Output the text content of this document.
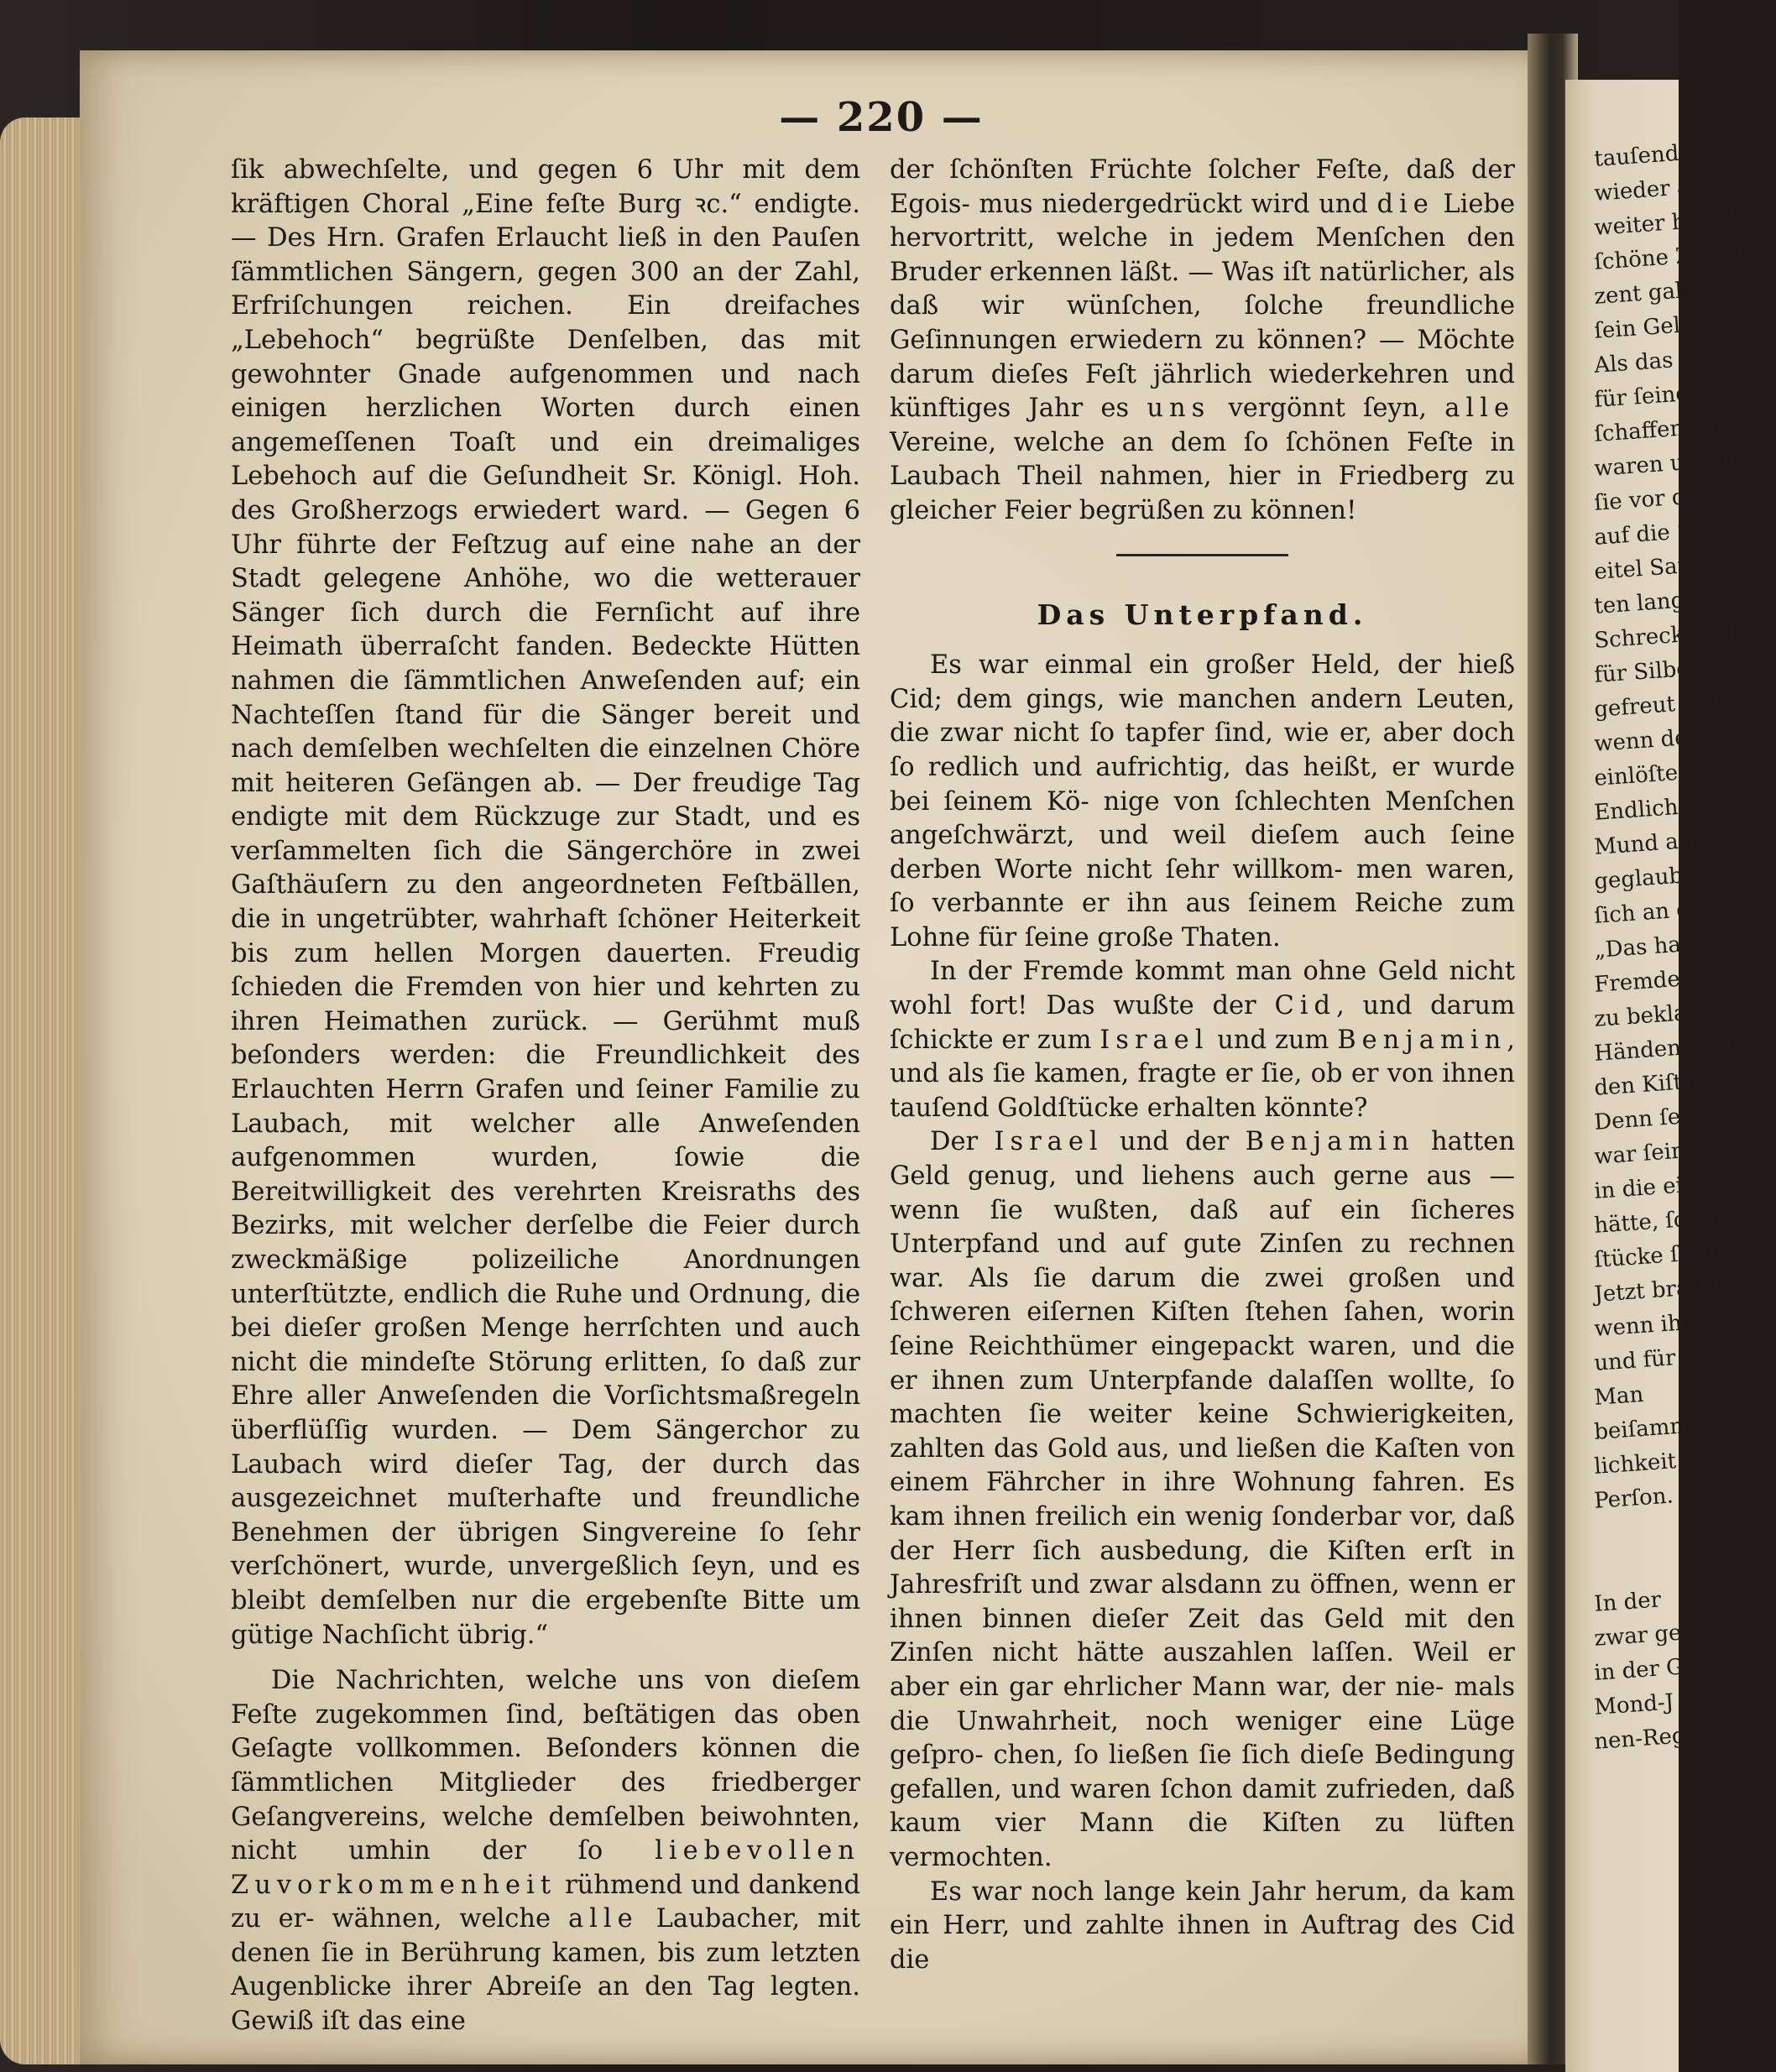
— 220 —

ſik abwechſelte, und gegen 6 Uhr mit dem kräftigen Choral „Eine feſte Burg ꝛc.“ endigte. — Des Hrn. Grafen Erlaucht ließ in den Pauſen ſämmtlichen Sängern, gegen 300 an der Zahl, Erfriſchungen reichen. Ein dreifaches „Lebehoch“ begrüßte Denſelben, das mit gewohnter Gnade aufgenommen und nach einigen herzlichen Worten durch einen angemeſſenen Toaſt und ein dreimaliges Lebehoch auf die Geſundheit Sr. Königl. Hoh. des Großherzogs erwiedert ward. — Gegen 6 Uhr führte der Feſtzug auf eine nahe an der Stadt gelegene Anhöhe, wo die wetterauer Sänger ſich durch die Fernſicht auf ihre Heimath überraſcht fanden. Bedeckte Hütten nahmen die ſämmtlichen Anweſenden auf; ein Nachteſſen ſtand für die Sänger bereit und nach demſelben wechſelten die einzelnen Chöre mit heiteren Geſängen ab. — Der freudige Tag endigte mit dem Rückzuge zur Stadt, und es verſammelten ſich die Sängerchöre in zwei Gaſthäuſern zu den angeordneten Feſtbällen, die in ungetrübter, wahrhaft ſchöner Heiterkeit bis zum hellen Morgen dauerten. Freudig ſchieden die Fremden von hier und kehrten zu ihren Heimathen zurück. — Gerühmt muß beſonders werden: die Freundlichkeit des Erlauchten Herrn Grafen und ſeiner Familie zu Laubach, mit welcher alle Anweſenden aufgenommen wurden, ſowie die Bereitwilligkeit des verehrten Kreisraths des Bezirks, mit welcher derſelbe die Feier durch zweckmäßige polizeiliche Anordnungen unterſtützte, endlich die Ruhe und Ordnung, die bei dieſer großen Menge herrſchten und auch nicht die mindeſte Störung erlitten, ſo daß zur Ehre aller Anweſenden die Vorſichtsmaßregeln überflüſſig wurden. — Dem Sängerchor zu Laubach wird dieſer Tag, der durch das ausgezeichnet muſterhafte und freundliche Benehmen der übrigen Singvereine ſo ſehr verſchönert, wurde, unvergeßlich ſeyn, und es bleibt demſelben nur die ergebenſte Bitte um gütige Nachſicht übrig.“

Die Nachrichten, welche uns von dieſem Feſte zugekommen ſind, beſtätigen das oben Geſagte vollkommen. Beſonders können die ſämmtlichen Mitglieder des friedberger Geſangvereins, welche demſelben beiwohnten, nicht umhin der ſo liebevollen Zuvorkommenheit rühmend und dankend zu er- wähnen, welche alle Laubacher, mit denen ſie in Berührung kamen, bis zum letzten Augenblicke ihrer Abreiſe an den Tag legten. Gewiß iſt das eine

der ſchönſten Früchte ſolcher Feſte, daß der Egois- mus niedergedrückt wird und die Liebe hervortritt, welche in jedem Menſchen den Bruder erkennen läßt. — Was iſt natürlicher, als daß wir wünſchen, ſolche freundliche Geſinnungen erwiedern zu können? — Möchte darum dieſes Feſt jährlich wiederkehren und künftiges Jahr es uns vergönnt ſeyn, alle Vereine, welche an dem ſo ſchönen Feſte in Laubach Theil nahmen, hier in Friedberg zu gleicher Feier begrüßen zu können!

Das Unterpfand.

Es war einmal ein großer Held, der hieß Cid; dem gings, wie manchen andern Leuten, die zwar nicht ſo tapfer ſind, wie er, aber doch ſo redlich und aufrichtig, das heißt, er wurde bei ſeinem Kö- nige von ſchlechten Menſchen angeſchwärzt, und weil dieſem auch ſeine derben Worte nicht ſehr willkom- men waren, ſo verbannte er ihn aus ſeinem Reiche zum Lohne für ſeine große Thaten.

In der Fremde kommt man ohne Geld nicht wohl fort! Das wußte der Cid, und darum ſchickte er zum Israel und zum Benjamin, und als ſie kamen, fragte er ſie, ob er von ihnen tauſend Goldſtücke erhalten könnte?

Der Israel und der Benjamin hatten Geld genug, und liehens auch gerne aus — wenn ſie wußten, daß auf ein ſicheres Unterpfand und auf gute Zinſen zu rechnen war. Als ſie darum die zwei großen und ſchweren eiſernen Kiſten ſtehen ſahen, worin ſeine Reichthümer eingepackt waren, und die er ihnen zum Unterpfande dalaſſen wollte, ſo machten ſie weiter keine Schwierigkeiten, zahlten das Gold aus, und ließen die Kaſten von einem Fährcher in ihre Wohnung fahren. Es kam ihnen freilich ein wenig ſonderbar vor, daß der Herr ſich ausbedung, die Kiſten erſt in Jahresfriſt und zwar alsdann zu öffnen, wenn er ihnen binnen dieſer Zeit das Geld mit den Zinſen nicht hätte auszahlen laſſen. Weil er aber ein gar ehrlicher Mann war, der nie- mals die Unwahrheit, noch weniger eine Lüge geſpro- chen, ſo ließen ſie ſich dieſe Bedingung gefallen, und waren ſchon damit zufrieden, daß kaum vier Mann die Kiſten zu lüften vermochten.

Es war noch lange kein Jahr herum, da kam ein Herr, und zahlte ihnen in Auftrag des Cid die

tauſend Goldſt
wieder aus, u
weiter hin als
ſchöne Zeiten fü
zent gab kein
ſein Geld eine
Als das G
für ſeinen H
ſchaffen, und
waren und ih
ſie vor dem S
auf die Str
eitel Sand
ten lange G
Schrecken. E
für Silberzeug
gefreut gehabt
wenn der C
einlöſte.
Endlich g
Mund auf un
geglaubt von
ſich an die W
„Das hat
Fremde, und
zu beklagen,
Händen habt.
den Kiſten ſ
Denn ſein ei
war ſein eh
in die eiſern
hätte, ſo wü
ſtücke ſo oft
Jetzt braucl
wenn ihr
und für e
Man
beiſammen.
lichkeit und
Perſon.
In der
zwar gegen
in der Ge
Mond-J
nen-Regen
